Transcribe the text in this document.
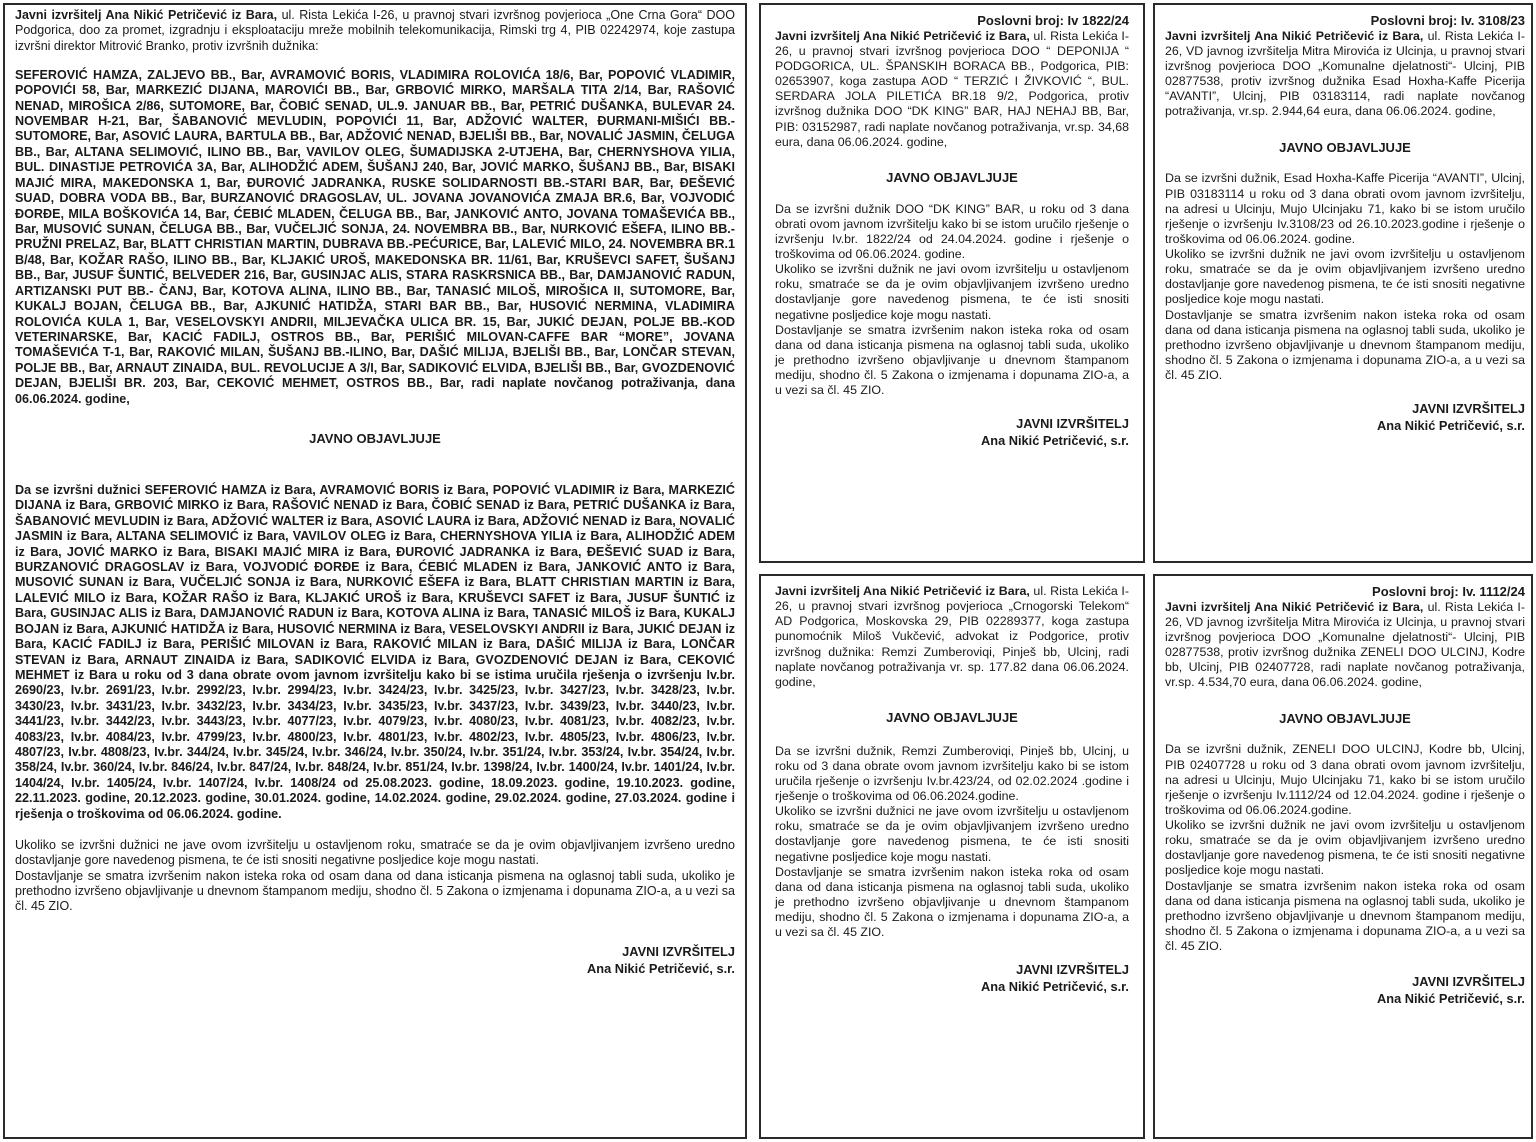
Javni izvršitelj Ana Nikić Petričević iz Bara, ul. Rista Lekića I-26, u pravnoj stvari izvršnog povjerioca „One Crna Gora“ DOO Podgorica, doo za promet, izgradnju i eksploataciju mreže mobilnih telekomunikacija, Rimski trg 4, PIB 02242974, koje zastupa izvršni direktor Mitrović Branko, protiv izvršnih dužnika:

SEFEROVIĆ HAMZA, ZALJEVO BB., Bar, AVRAMOVIĆ BORIS, VLADIMIRA ROLOVIĆA 18/6, Bar, POPOVIĆ VLADIMIR, POPOVIĆI 58, Bar, MARKEZIĆ DIJANA, MAROVIĆI BB., Bar, GRBOVIĆ MIRKO, MARŠALA TITA 2/14, Bar, RAŠOVIĆ NENAD, MIROŠICA 2/86, SUTOMORE, Bar, ČOBIĆ SENAD, UL.9. JANUAR BB., Bar, PETRIĆ DUŠANKA, BULEVAR 24. NOVEMBAR H-21, Bar, ŠABANOVIĆ MEVLUDIN, POPOVIĆI 11, Bar, ADŽOVIĆ WALTER, ĐURMANI-MIŠIĆI BB.- SUTOMORE, Bar, ASOVIĆ LAURA, BARTULA BB., Bar, ADŽOVIĆ NENAD, BJELIŠI BB., Bar, NOVALIĆ JASMIN, ČELUGA BB., Bar, ALTANA SELIMOVIĆ, ILINO BB., Bar, VAVILOV OLEG, ŠUMADIJSKA 2-UTJEHA, Bar, CHERNYSHOVA YILIA, BUL. DINASTIJE PETROVIĆA 3A, Bar, ALIHODŽIĆ ADEM, ŠUŠANJ 240, Bar, JOVIĆ MARKO, ŠUŠANJ BB., Bar, BISAKI MAJIĆ MIRA, MAKEDONSKA 1, Bar, ĐUROVIĆ JADRANKA, RUSKE SOLIDARNOSTI BB.-STARI BAR, Bar, ĐEŠEVIĆ SUAD, DOBRA VODA BB., Bar, BURZANOVIĆ DRAGOSLAV, UL. JOVANA JOVANOVIĆA ZMAJA BR.6, Bar, VOJVODIĆ ĐORĐE, MILA BOŠKOVIĆA 14, Bar, ĆEBIĆ MLADEN, ČELUGA BB., Bar, JANKOVIĆ ANTO, JOVANA TOMAŠEVIĆA BB., Bar, MUSOVIĆ SUNAN, ČELUGA BB., Bar, VUČELJIĆ SONJA, 24. NOVEMBRA BB., Bar, NURKOVIĆ EŠEFA, ILINO BB.-PRUŽNI PRELAZ, Bar, BLATT CHRISTIAN MARTIN, DUBRAVA BB.-PEĆURICE, Bar, LALEVIĆ MILO, 24. NOVEMBRA BR.1 B/48, Bar, KOŽAR RAŠO, ILINO BB., Bar, KLJAKIĆ UROŠ, MAKEDONSKA BR. 11/61, Bar, KRUŠEVCI SAFET, ŠUŠANJ BB., Bar, JUSUF ŠUNTIĆ, BELVEDER 216, Bar, GUSINJAC ALIS, STARA RASKRSNICA BB., Bar, DAMJANOVIĆ RADUN, ARTIZANSKI PUT BB.- ČANJ, Bar, KOTOVA ALINA, ILINO BB., Bar, TANASIĆ MILOŠ, MIROŠICA II, SUTOMORE, Bar, KUKALJ BOJAN, ČELUGA BB., Bar, AJKUNIĆ HATIDŽA, STARI BAR BB., Bar, HUSOVIĆ NERMINA, VLADIMIRA ROLOVIĆA KULA 1, Bar, VESELOVSKYI ANDRII, MILJEVAČKA ULICA BR. 15, Bar, JUKIĆ DEJAN, POLJE BB.-KOD VETERINARSKE, Bar, KACIĆ FADILJ, OSTROS BB., Bar, PERIŠIĆ MILOVAN-CAFFE BAR “MORE”, JOVANA TOMAŠEVIĆA T-1, Bar, RAKOVIĆ MILAN, ŠUŠANJ BB.-ILINO, Bar, DAŠIĆ MILIJA, BJELIŠI BB., Bar, LONČAR STEVAN, POLJE BB., Bar, ARNAUT ZINAIDA, BUL. REVOLUCIJE A 3/I, Bar, SADIKOVIĆ ELVIDA, BJELIŠI BB., Bar, GVOZDENOVIĆ DEJAN, BJELIŠI BR. 203, Bar, CEKOVIĆ MEHMET, OSTROS BB., Bar, radi naplate novčanog potraživanja, dana 06.06.2024. godine,

JAVNO OBJAVLJUJE

Da se izvršni dužnici SEFEROVIĆ HAMZA iz Bara, AVRAMOVIĆ BORIS iz Bara, POPOVIĆ VLADIMIR iz Bara, MARKEZIĆ DIJANA iz Bara, GRBOVIĆ MIRKO iz Bara, RAŠOVIĆ NENAD iz Bara, ČOBIĆ SENAD iz Bara, PETRIĆ DUŠANKA iz Bara, ŠABANOVIĆ MEVLUDIN iz Bara, ADŽOVIĆ WALTER iz Bara, ASOVIĆ LAURA iz Bara, ADŽOVIĆ NENAD iz Bara, NOVALIĆ JASMIN iz Bara, ALTANA SELIMOVIĆ iz Bara, VAVILOV OLEG iz Bara, CHERNYSHOVA YILIA iz Bara, ALIHODŽIĆ ADEM iz Bara, JOVIĆ MARKO iz Bara, BISAKI MAJIĆ MIRA iz Bara, ĐUROVIĆ JADRANKA iz Bara, ĐEŠEVIĆ SUAD iz Bara, BURZANOVIĆ DRAGOSLAV iz Bara, VOJVODIĆ ĐORĐE iz Bara, ĆEBIĆ MLADEN iz Bara, JANKOVIĆ ANTO iz Bara, MUSOVIĆ SUNAN iz Bara, VUČELJIĆ SONJA iz Bara, NURKOVIĆ EŠEFA iz Bara, BLATT CHRISTIAN MARTIN iz Bara, LALEVIĆ MILO iz Bara, KOŽAR RAŠO iz Bara, KLJAKIĆ UROŠ iz Bara, KRUŠEVCI SAFET iz Bara, JUSUF ŠUNTIĆ iz Bara, GUSINJAC ALIS iz Bara, DAMJANOVIĆ RADUN iz Bara, KOTOVA ALINA iz Bara, TANASIĆ MILOŠ iz Bara, KUKALJ BOJAN iz Bara, AJKUNIĆ HATIDŽA iz Bara, HUSOVIĆ NERMINA iz Bara, VESELOVSKYI ANDRII iz Bara, JUKIĆ DEJAN iz Bara, KACIĆ FADILJ iz Bara, PERIŠIĆ MILOVAN iz Bara, RAKOVIĆ MILAN iz Bara, DAŠIĆ MILIJA iz Bara, LONČAR STEVAN iz Bara, ARNAUT ZINAIDA iz Bara, SADIKOVIĆ ELVIDA iz Bara, GVOZDENOVIĆ DEJAN iz Bara, CEKOVIĆ MEHMET iz Bara u roku od 3 dana obrate ovom javnom izvršitelju kako bi se istima uručila rješenja o izvršenju Iv.br. 2690/23, Iv.br. 2691/23, Iv.br. 2992/23, Iv.br. 2994/23, Iv.br. 3424/23, Iv.br. 3425/23, Iv.br. 3427/23, Iv.br. 3428/23, Iv.br. 3430/23, Iv.br. 3431/23, Iv.br. 3432/23, Iv.br. 3434/23, Iv.br. 3435/23, Iv.br. 3437/23, Iv.br. 3439/23, Iv.br. 3440/23, Iv.br. 3441/23, Iv.br. 3442/23, Iv.br. 3443/23, Iv.br. 4077/23, Iv.br. 4079/23, Iv.br. 4080/23, Iv.br. 4081/23, Iv.br. 4082/23, Iv.br. 4083/23, Iv.br. 4084/23, Iv.br. 4799/23, Iv.br. 4800/23, Iv.br. 4801/23, Iv.br. 4802/23, Iv.br. 4805/23, Iv.br. 4806/23, Iv.br. 4807/23, Iv.br. 4808/23, Iv.br. 344/24, Iv.br. 345/24, Iv.br. 346/24, Iv.br. 350/24, Iv.br. 351/24, Iv.br. 353/24, Iv.br. 354/24, Iv.br. 358/24, Iv.br. 360/24, Iv.br. 846/24, Iv.br. 847/24, Iv.br. 848/24, Iv.br. 851/24, Iv.br. 1398/24, Iv.br. 1400/24, Iv.br. 1401/24, Iv.br. 1404/24, Iv.br. 1405/24, Iv.br. 1407/24, Iv.br. 1408/24 od 25.08.2023. godine, 18.09.2023. godine, 19.10.2023. godine, 22.11.2023. godine, 20.12.2023. godine, 30.01.2024. godine, 14.02.2024. godine, 29.02.2024. godine, 27.03.2024. godine i rješenja o troškovima od 06.06.2024. godine.

Ukoliko se izvršni dužnici ne jave ovom izvršitelju u ostavljenom roku, smatraće se da je ovim objavljivanjem izvršeno uredno dostavljanje gore navedenog pismena, te će isti snositi negativne posljedice koje mogu nastati.

Dostavljanje se smatra izvršenim nakon isteka roka od osam dana od dana isticanja pismena na oglasnoj tabli suda, ukoliko je prethodno izvršeno objavljivanje u dnevnom štampanom mediju, shodno čl. 5 Zakona o izmjenama i dopunama ZIO-a, a u vezi sa čl. 45 ZIO.

JAVNI IZVRŠITELJ
Ana Nikić Petričević, s.r.

Poslovni broj: Iv 1822/24

Javni izvršitelj Ana Nikić Petričević iz Bara, ul. Rista Lekića I-26, u pravnoj stvari izvršnog povjerioca DOO “ DEPONIJA “ PODGORICA, UL. ŠPANSKIH BORACA BB., Podgorica, PIB: 02653907, koga zastupa AOD “ TERZIĆ I ŽIVKOVIĆ “, BUL. SERDARA JOLA PILETIĆA BR.18 9/2, Podgorica, protiv izvršnog dužnika DOO “DK KING” BAR, HAJ NEHAJ BB, Bar, PIB: 03152987, radi naplate novčanog potraživanja, vr.sp. 34,68 eura, dana 06.06.2024. godine,

JAVNO OBJAVLJUJE

Da se izvršni dužnik DOO “DK KING” BAR, u roku od 3 dana obrati ovom javnom izvršitelju kako bi se istom uručilo rješenje o izvršenju Iv.br. 1822/24 od 24.04.2024. godine i rješenje o troškovima od 06.06.2024. godine.

Ukoliko se izvršni dužnik ne javi ovom izvršitelju u ostavljenom roku, smatraće se da je ovim objavljivanjem izvršeno uredno dostavljanje gore navedenog pismena, te će isti snositi negativne posljedice koje mogu nastati.

Dostavljanje se smatra izvršenim nakon isteka roka od osam dana od dana isticanja pismena na oglasnoj tabli suda, ukoliko je prethodno izvršeno objavljivanje u dnevnom štampanom mediju, shodno čl. 5 Zakona o izmjenama i dopunama ZIO-a, a u vezi sa čl. 45 ZIO.

JAVNI IZVRŠITELJ
Ana Nikić Petričević, s.r.

Javni izvršitelj Ana Nikić Petričević iz Bara, ul. Rista Lekića I-26, u pravnoj stvari izvršnog povjerioca „Crnogorski Telekom“ AD Podgorica, Moskovska 29, PIB 02289377, koga zastupa punomoćnik Miloš Vukčević, advokat iz Podgorice, protiv izvršnog dužnika: Remzi Zumberoviqi, Pinješ bb, Ulcinj, radi naplate novčanog potraživanja vr. sp. 177.82 dana 06.06.2024. godine,

JAVNO OBJAVLJUJE

Da se izvršni dužnik, Remzi Zumberoviqi, Pinješ bb, Ulcinj, u roku od 3 dana obrate ovom javnom izvršitelju kako bi se istom uručila rješenje o izvršenju Iv.br.423/24, od 02.02.2024 .godine i rješenje o troškovima od 06.06.2024.godine.

Ukoliko se izvršni dužnici ne jave ovom izvršitelju u ostavljenom roku, smatraće se da je ovim objavljivanjem izvršeno uredno dostavljanje gore navedenog pismena, te će isti snositi negativne posljedice koje mogu nastati.

Dostavljanje se smatra izvršenim nakon isteka roka od osam dana od dana isticanja pismena na oglasnoj tabli suda, ukoliko je prethodno izvršeno objavljivanje u dnevnom štampanom mediju, shodno čl. 5 Zakona o izmjenama i dopunama ZIO-a, a u vezi sa čl. 45 ZIO.

JAVNI IZVRŠITELJ
Ana Nikić Petričević, s.r.

Poslovni broj: Iv. 3108/23

Javni izvršitelj Ana Nikić Petričević iz Bara, ul. Rista Lekića I-26, VD javnog izvršitelja Mitra Mirovića iz Ulcinja, u pravnoj stvari izvršnog povjerioca DOO „Komunalne djelatnosti“- Ulcinj, PIB 02877538, protiv izvršnog dužnika Esad Hoxha-Kaffe Picerija “AVANTI”, Ulcinj, PIB 03183114, radi naplate novčanog potraživanja, vr.sp. 2.944,64 eura, dana 06.06.2024. godine,

JAVNO OBJAVLJUJE

Da se izvršni dužnik, Esad Hoxha-Kaffe Picerija “AVANTI”, Ulcinj, PIB 03183114 u roku od 3 dana obrati ovom javnom izvršitelju, na adresi u Ulcinju, Mujo Ulcinjaku 71, kako bi se istom uručilo rješenje o izvršenju Iv.3108/23 od 26.10.2023.godine i rješenje o troškovima od 06.06.2024. godine.

Ukoliko se izvršni dužnik ne javi ovom izvršitelju u ostavljenom roku, smatraće se da je ovim objavljivanjem izvršeno uredno dostavljanje gore navedenog pismena, te će isti snositi negativne posljedice koje mogu nastati.

Dostavljanje se smatra izvršenim nakon isteka roka od osam dana od dana isticanja pismena na oglasnoj tabli suda, ukoliko je prethodno izvršeno objavljivanje u dnevnom štampanom mediju, shodno čl. 5 Zakona o izmjenama i dopunama ZIO-a, a u vezi sa čl. 45 ZIO.

JAVNI IZVRŠITELJ
Ana Nikić Petričević, s.r.

Poslovni broj: Iv. 1112/24

Javni izvršitelj Ana Nikić Petričević iz Bara, ul. Rista Lekića I-26, VD javnog izvršitelja Mitra Mirovića iz Ulcinja, u pravnoj stvari izvršnog povjerioca DOO „Komunalne djelatnosti“- Ulcinj, PIB 02877538, protiv izvršnog dužnika ZENELI DOO ULCINJ, Kodre bb, Ulcinj, PIB 02407728, radi naplate novčanog potraživanja, vr.sp. 4.534,70 eura, dana 06.06.2024. godine,

JAVNO OBJAVLJUJE

Da se izvršni dužnik, ZENELI DOO ULCINJ, Kodre bb, Ulcinj, PIB 02407728 u roku od 3 dana obrati ovom javnom izvršitelju, na adresi u Ulcinju, Mujo Ulcinjaku 71, kako bi se istom uručilo rješenje o izvršenju Iv.1112/24 od 12.04.2024. godine i rješenje o troškovima od 06.06.2024.godine.

Ukoliko se izvršni dužnik ne javi ovom izvršitelju u ostavljenom roku, smatraće se da je ovim objavljivanjem izvršeno uredno dostavljanje gore navedenog pismena, te će isti snositi negativne posljedice koje mogu nastati.

Dostavljanje se smatra izvršenim nakon isteka roka od osam dana od dana isticanja pismena na oglasnoj tabli suda, ukoliko je prethodno izvršeno objavljivanje u dnevnom štampanom mediju, shodno čl. 5 Zakona o izmjenama i dopunama ZIO-a, a u vezi sa čl. 45 ZIO.

JAVNI IZVRŠITELJ
Ana Nikić Petričević, s.r.
